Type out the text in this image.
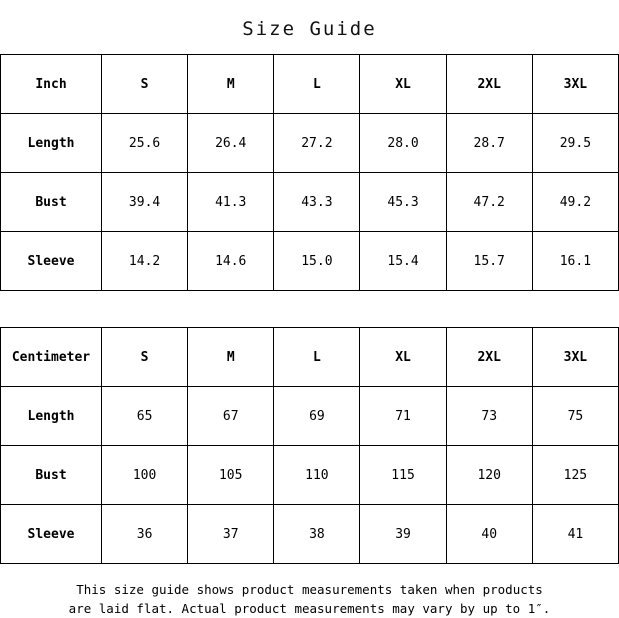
Size Guide
Inch	S	M	L	XL	2XL	3XL
Length	25.6	26.4	27.2	28.0	28.7	29.5
Bust	39.4	41.3	43.3	45.3	47.2	49.2
Sleeve	14.2	14.6	15.0	15.4	15.7	16.1
Centimeter	S	M	L	XL	2XL	3XL
Length	65	67	69	71	73	75
Bust	100	105	110	115	120	125
Sleeve	36	37	38	39	40	41
This size guide shows product measurements taken when products
are laid flat. Actual product measurements may vary by up to 1″.
